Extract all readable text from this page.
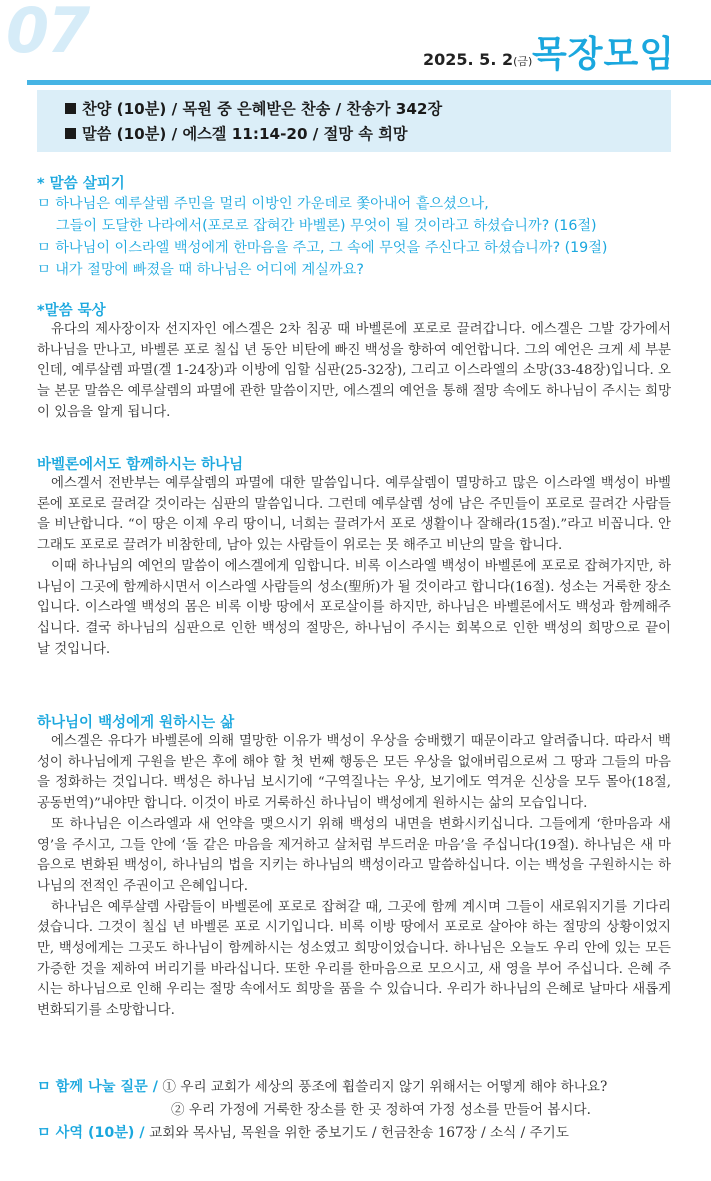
07	2025. 5. 2(금) 목장모임
찬양 (10분) / 목원 중 은혜받은 찬송 / 찬송가 342장
말씀 (10분) / 에스겔 11:14-20 / 절망 속 희망
* 말씀 살피기
ㅁ 하나님은 예루살렘 주민을 멀리 이방인 가운데로 쫓아내어 흩으셨으나,
그들이 도달한 나라에서(포로로 잡혀간 바벨론) 무엇이 될 것이라고 하셨습니까? (16절)
ㅁ 하나님이 이스라엘 백성에게 한마음을 주고, 그 속에 무엇을 주신다고 하셨습니까? (19절)
ㅁ 내가 절망에 빠졌을 때 하나님은 어디에 계실까요?
*말씀 묵상

유다의 제사장이자 선지자인 에스겔은 2차 침공 때 바벨론에 포로로 끌려갑니다. 에스겔은 그발 강가에서 하나님을 만나고, 바벨론 포로 칠십 년 동안 비탄에 빠진 백성을 향하여 예언합니다. 그의 예언은 크게 세 부분인데, 예루살렘 파멸(겔 1-24장)과 이방에 임할 심판(25-32장), 그리고 이스라엘의 소망(33-48장)입니다. 오늘 본문 말씀은 예루살렘의 파멸에 관한 말씀이지만, 에스겔의 예언을 통해 절망 속에도 하나님이 주시는 희망이 있음을 알게 됩니다.

바벨론에서도 함께하시는 하나님

에스겔서 전반부는 예루살렘의 파멸에 대한 말씀입니다. 예루살렘이 멸망하고 많은 이스라엘 백성이 바벨론에 포로로 끌려갈 것이라는 심판의 말씀입니다. 그런데 예루살렘 성에 남은 주민들이 포로로 끌려간 사람들을 비난합니다. “이 땅은 이제 우리 땅이니, 너희는 끌려가서 포로 생활이나 잘해라(15절).”라고 비꼽니다. 안 그래도 포로로 끌려가 비참한데, 남아 있는 사람들이 위로는 못 해주고 비난의 말을 합니다.

이때 하나님의 예언의 말씀이 에스겔에게 임합니다. 비록 이스라엘 백성이 바벨론에 포로로 잡혀가지만, 하나님이 그곳에 함께하시면서 이스라엘 사람들의 성소(聖所)가 될 것이라고 합니다(16절). 성소는 거룩한 장소입니다. 이스라엘 백성의 몸은 비록 이방 땅에서 포로살이를 하지만, 하나님은 바벨론에서도 백성과 함께해주십니다. 결국 하나님의 심판으로 인한 백성의 절망은, 하나님이 주시는 회복으로 인한 백성의 희망으로 끝이 날 것입니다.

하나님이 백성에게 원하시는 삶

에스겔은 유다가 바벨론에 의해 멸망한 이유가 백성이 우상을 숭배했기 때문이라고 알려줍니다. 따라서 백성이 하나님에게 구원을 받은 후에 해야 할 첫 번째 행동은 모든 우상을 없애버림으로써 그 땅과 그들의 마음을 정화하는 것입니다. 백성은 하나님 보시기에 “구역질나는 우상, 보기에도 역겨운 신상을 모두 몰아(18절, 공동번역)”내야만 합니다. 이것이 바로 거룩하신 하나님이 백성에게 원하시는 삶의 모습입니다.

또 하나님은 이스라엘과 새 언약을 맺으시기 위해 백성의 내면을 변화시키십니다. 그들에게 ‘한마음과 새 영’을 주시고, 그들 안에 ‘돌 같은 마음을 제거하고 살처럼 부드러운 마음’을 주십니다(19절). 하나님은 새 마음으로 변화된 백성이, 하나님의 법을 지키는 하나님의 백성이라고 말씀하십니다. 이는 백성을 구원하시는 하나님의 전적인 주권이고 은혜입니다.

하나님은 예루살렘 사람들이 바벨론에 포로로 잡혀갈 때, 그곳에 함께 계시며 그들이 새로워지기를 기다리셨습니다. 그것이 칠십 년 바벨론 포로 시기입니다. 비록 이방 땅에서 포로로 살아야 하는 절망의 상황이었지만, 백성에게는 그곳도 하나님이 함께하시는 성소였고 희망이었습니다. 하나님은 오늘도 우리 안에 있는 모든 가증한 것을 제하여 버리기를 바라십니다. 또한 우리를 한마음으로 모으시고, 새 영을 부어 주십니다. 은혜 주시는 하나님으로 인해 우리는 절망 속에서도 희망을 품을 수 있습니다. 우리가 하나님의 은혜로 날마다 새롭게 변화되기를 소망합니다.

ㅁ 함께 나눌 질문 / ① 우리 교회가 세상의 풍조에 휩쓸리지 않기 위해서는 어떻게 해야 하나요?
② 우리 가정에 거룩한 장소를 한 곳 정하여 가정 성소를 만들어 봅시다.
ㅁ 사역 (10분) / 교회와 목사님, 목원을 위한 중보기도 / 헌금찬송 167장 / 소식 / 주기도
